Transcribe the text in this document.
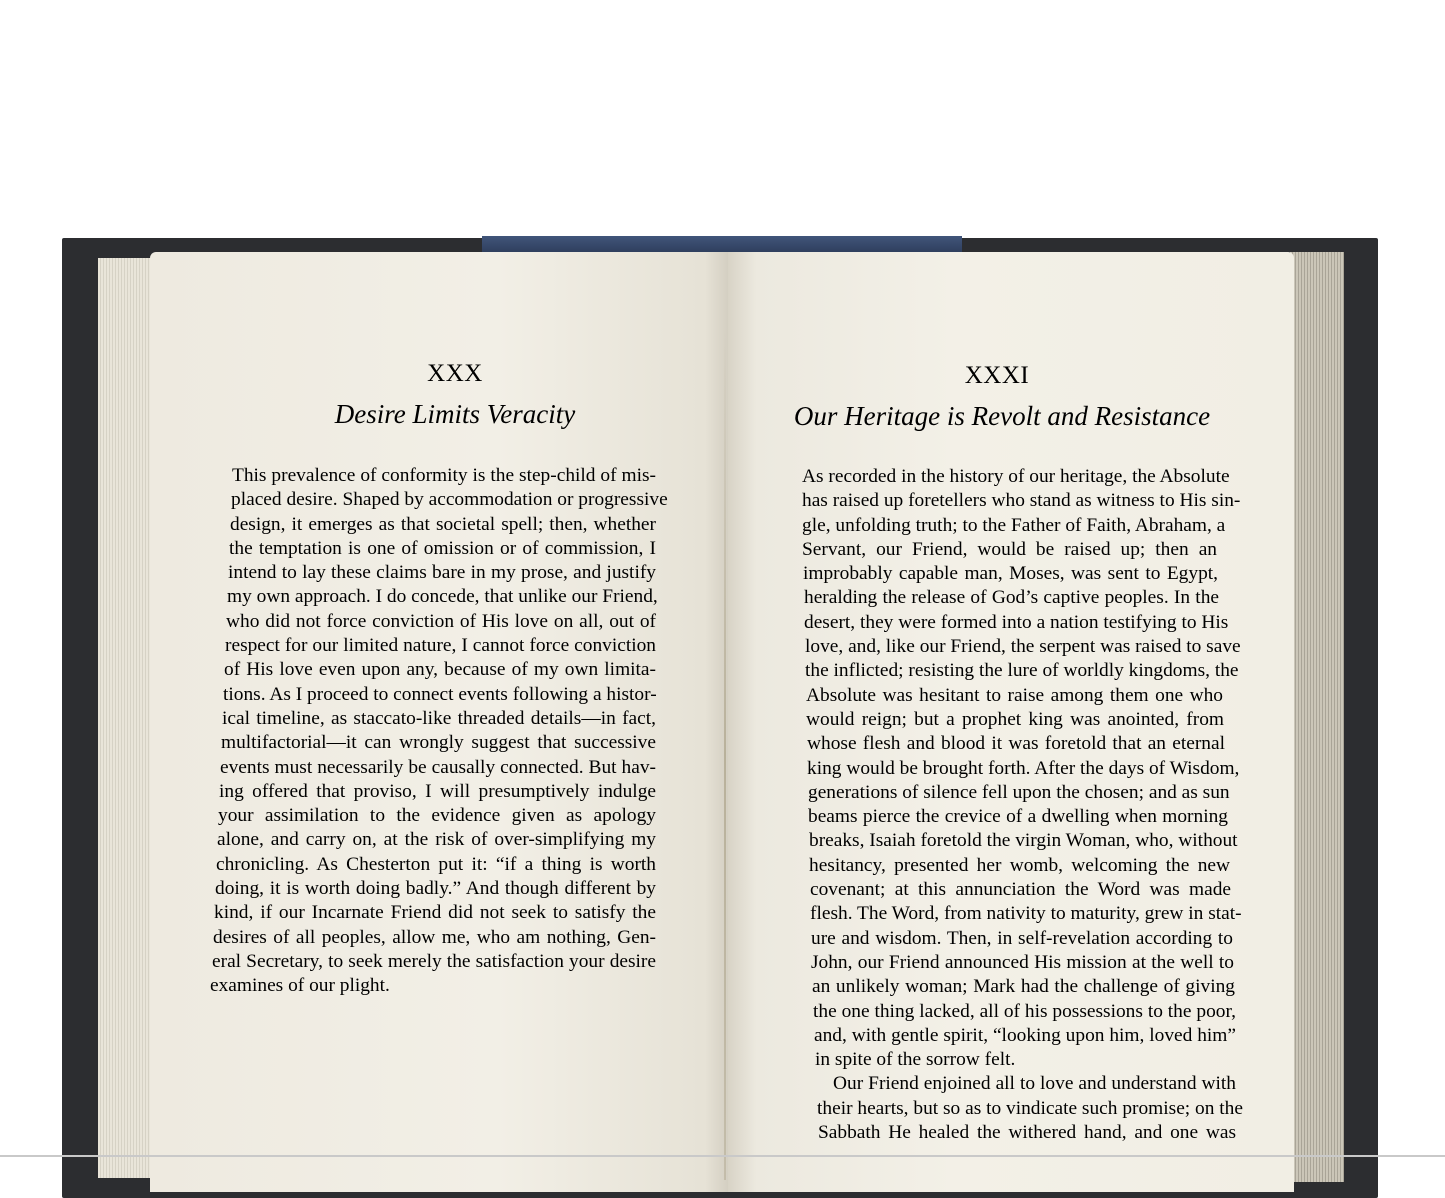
XXX
Desire Limits Veracity
This prevalence of conformity is the step-child of mis-
placed desire. Shaped by accommodation or progressive
design, it emerges as that societal spell; then, whether
the temptation is one of omission or of commission, I
intend to lay these claims bare in my prose, and justify
my own approach. I do concede, that unlike our Friend,
who did not force conviction of His love on all, out of
respect for our limited nature, I cannot force conviction
of His love even upon any, because of my own limita-
tions. As I proceed to connect events following a histor-
ical timeline, as staccato-like threaded details—in fact,
multifactorial—it can wrongly suggest that successive
events must necessarily be causally connected. But hav-
ing offered that proviso, I will presumptively indulge
your assimilation to the evidence given as apology
alone, and carry on, at the risk of over-simplifying my
chronicling. As Chesterton put it: “if a thing is worth
doing, it is worth doing badly.” And though different by
kind, if our Incarnate Friend did not seek to satisfy the
desires of all peoples, allow me, who am nothing, Gen-
eral Secretary, to seek merely the satisfaction your desire
examines of our plight.
XXXI
Our Heritage is Revolt and Resistance
As recorded in the history of our heritage, the Absolute
has raised up foretellers who stand as witness to His sin-
gle, unfolding truth; to the Father of Faith, Abraham, a
Servant, our Friend, would be raised up; then an
improbably capable man, Moses, was sent to Egypt,
heralding the release of God’s captive peoples. In the
desert, they were formed into a nation testifying to His
love, and, like our Friend, the serpent was raised to save
the inflicted; resisting the lure of worldly kingdoms, the
Absolute was hesitant to raise among them one who
would reign; but a prophet king was anointed, from
whose flesh and blood it was foretold that an eternal
king would be brought forth. After the days of Wisdom,
generations of silence fell upon the chosen; and as sun
beams pierce the crevice of a dwelling when morning
breaks, Isaiah foretold the virgin Woman, who, without
hesitancy, presented her womb, welcoming the new
covenant; at this annunciation the Word was made
flesh. The Word, from nativity to maturity, grew in stat-
ure and wisdom. Then, in self-revelation according to
John, our Friend announced His mission at the well to
an unlikely woman; Mark had the challenge of giving
the one thing lacked, all of his possessions to the poor,
and, with gentle spirit, “looking upon him, loved him”
in spite of the sorrow felt.
Our Friend enjoined all to love and understand with
their hearts, but so as to vindicate such promise; on the
Sabbath He healed the withered hand, and one was
